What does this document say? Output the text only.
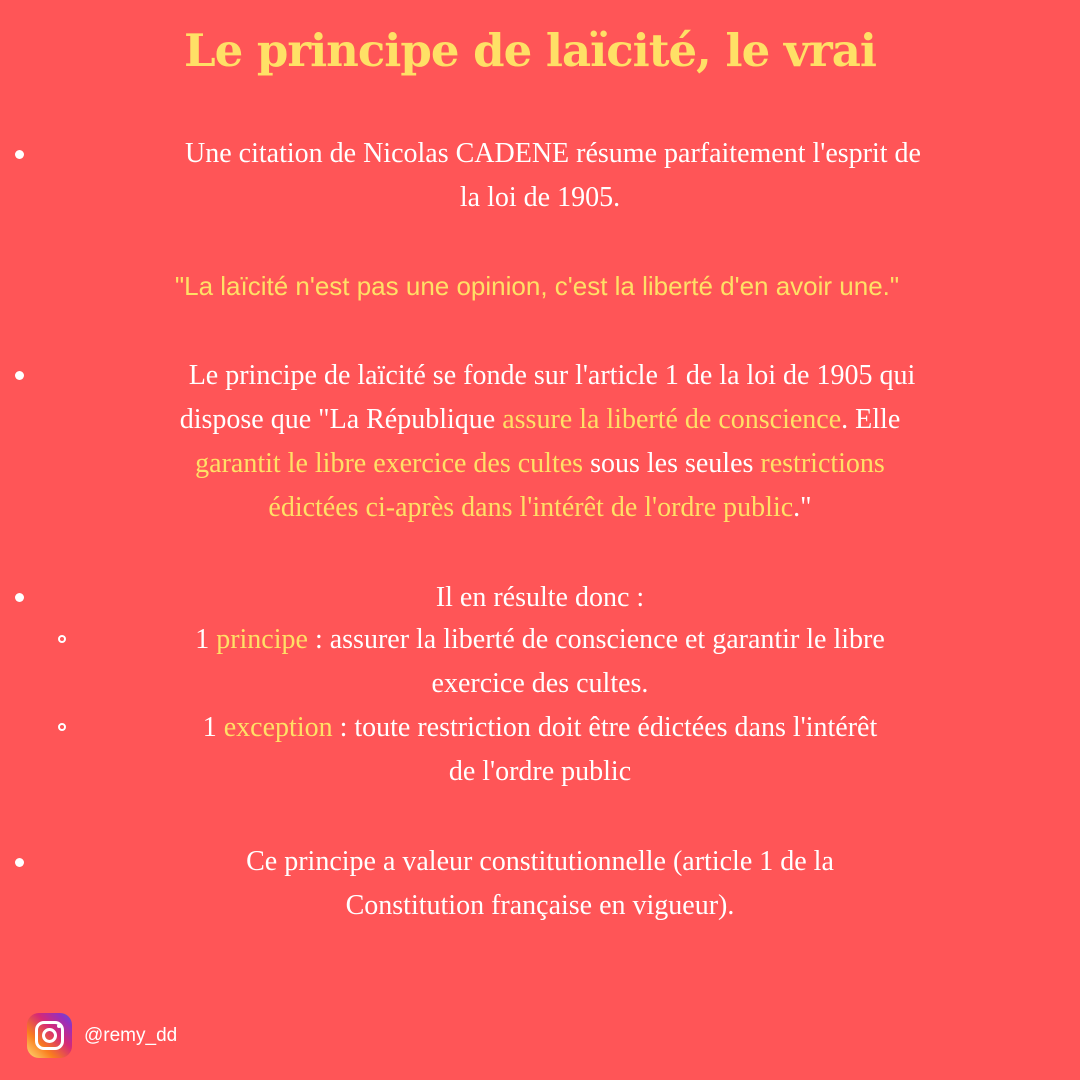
Le principe de laïcité, le vrai

Une citation de Nicolas CADENE résume parfaitement l'esprit de

la loi de 1905.

"La laïcité n'est pas une opinion, c'est la liberté d'en avoir une."

Le principe de laïcité se fonde sur l'article 1 de la loi de 1905 qui

dispose que "La République assure la liberté de conscience. Elle

garantit le libre exercice des cultes sous les seules restrictions

édictées ci-après dans l'intérêt de l'ordre public."

Il en résulte donc :

1 principe : assurer la liberté de conscience et garantir le libre

exercice des cultes.

1 exception : toute restriction doit être édictées dans l'intérêt

de l'ordre public

Ce principe a valeur constitutionnelle (article 1 de la

Constitution française en vigueur).

@remy_dd
